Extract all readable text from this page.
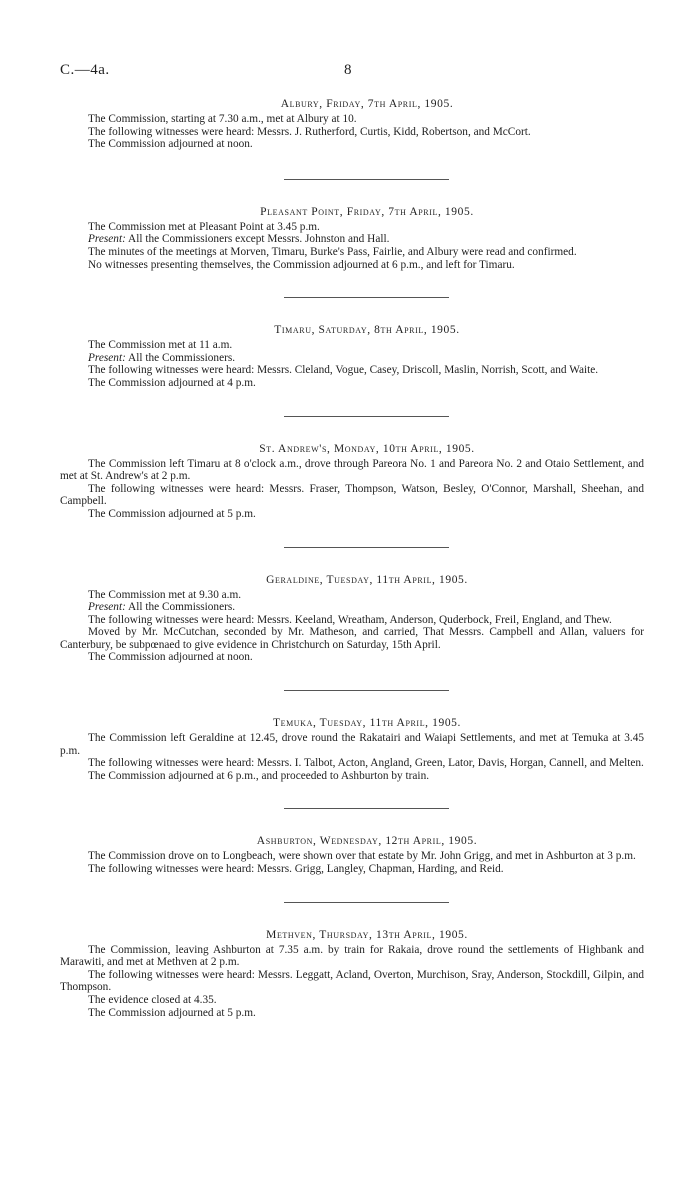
C.—4a.	8
Albury, Friday, 7th April, 1905.

The Commission, starting at 7.30 a.m., met at Albury at 10.

The following witnesses were heard: Messrs. J. Rutherford, Curtis, Kidd, Robertson, and McCort.

The Commission adjourned at noon.

Pleasant Point, Friday, 7th April, 1905.

The Commission met at Pleasant Point at 3.45 p.m.

Present: All the Commissioners except Messrs. Johnston and Hall.

The minutes of the meetings at Morven, Timaru, Burke's Pass, Fairlie, and Albury were read and confirmed.

No witnesses presenting themselves, the Commission adjourned at 6 p.m., and left for Timaru.

Timaru, Saturday, 8th April, 1905.

The Commission met at 11 a.m.

Present: All the Commissioners.

The following witnesses were heard: Messrs. Cleland, Vogue, Casey, Driscoll, Maslin, Norrish, Scott, and Waite.

The Commission adjourned at 4 p.m.

St. Andrew's, Monday, 10th April, 1905.

The Commission left Timaru at 8 o'clock a.m., drove through Pareora No. 1 and Pareora No. 2 and Otaio Settlement, and met at St. Andrew's at 2 p.m.

The following witnesses were heard: Messrs. Fraser, Thompson, Watson, Besley, O'Connor, Marshall, Sheehan, and Campbell.

The Commission adjourned at 5 p.m.

Geraldine, Tuesday, 11th April, 1905.

The Commission met at 9.30 a.m.

Present: All the Commissioners.

The following witnesses were heard: Messrs. Keeland, Wreatham, Anderson, Quderbock, Freil, England, and Thew.

Moved by Mr. McCutchan, seconded by Mr. Matheson, and carried, That Messrs. Campbell and Allan, valuers for Canterbury, be subpœnaed to give evidence in Christchurch on Saturday, 15th April.

The Commission adjourned at noon.

Temuka, Tuesday, 11th April, 1905.

The Commission left Geraldine at 12.45, drove round the Rakatairi and Waiapi Settlements, and met at Temuka at 3.45 p.m.

The following witnesses were heard: Messrs. I. Talbot, Acton, Angland, Green, Lator, Davis, Horgan, Cannell, and Melten.

The Commission adjourned at 6 p.m., and proceeded to Ashburton by train.

Ashburton, Wednesday, 12th April, 1905.

The Commission drove on to Longbeach, were shown over that estate by Mr. John Grigg, and met in Ashburton at 3 p.m.

The following witnesses were heard: Messrs. Grigg, Langley, Chapman, Harding, and Reid.

Methven, Thursday, 13th April, 1905.

The Commission, leaving Ashburton at 7.35 a.m. by train for Rakaia, drove round the settlements of Highbank and Marawiti, and met at Methven at 2 p.m.

The following witnesses were heard: Messrs. Leggatt, Acland, Overton, Murchison, Sray, Anderson, Stockdill, Gilpin, and Thompson.

The evidence closed at 4.35.

The Commission adjourned at 5 p.m.
